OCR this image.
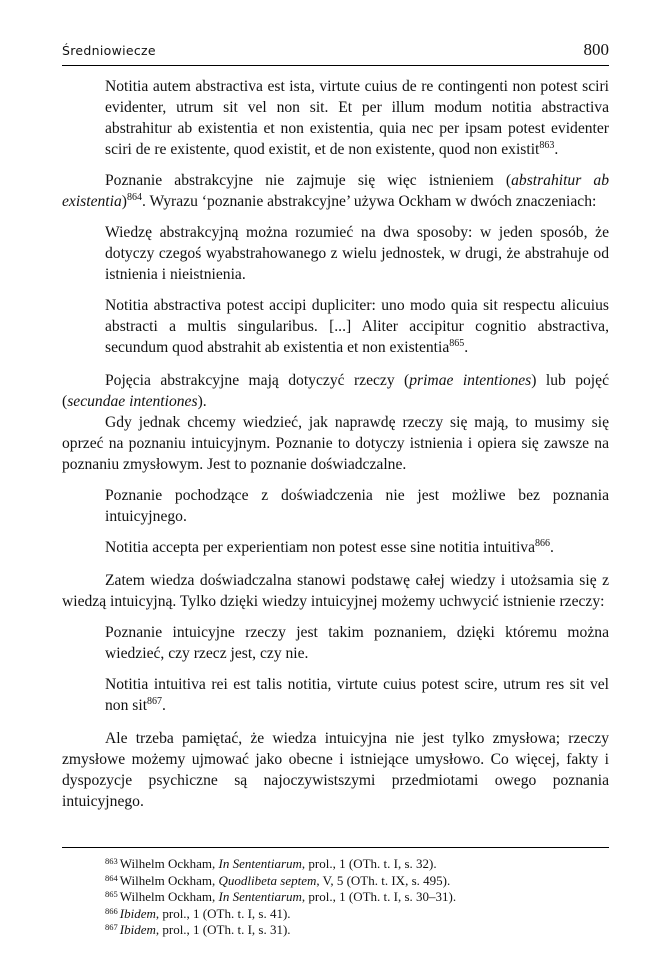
Średniowiecze	800

Notitia autem abstractiva est ista, virtute cuius de re contingenti non potest sciri evidenter, utrum sit vel non sit. Et per illum modum notitia abstractiva abstrahitur ab existentia et non existentia, quia nec per ipsam potest evidenter sciri de re existente, quod existit, et de non existente, quod non existit$^{863}$.

Poznanie abstrakcyjne nie zajmuje się więc istnieniem (abstrahitur ab existentia)$^{864}$. Wyrazu ‘poznanie abstrakcyjne’ używa Ockham w dwóch znaczeniach:

Wiedzę abstrakcyjną można rozumieć na dwa sposoby: w jeden sposób, że dotyczy czegoś wyabstrahowanego z wielu jednostek, w drugi, że abstrahuje od istnienia i nieistnienia.

Notitia abstractiva potest accipi dupliciter: uno modo quia sit respectu alicuius abstracti a multis singularibus. [...] Aliter accipitur cognitio abstractiva, secundum quod abstrahit ab existentia et non existentia$^{865}$.

Pojęcia abstrakcyjne mają dotyczyć rzeczy (primae intentiones) lub pojęć (secundae intentiones).

Gdy jednak chcemy wiedzieć, jak naprawdę rzeczy się mają, to musimy się oprzeć na poznaniu intuicyjnym. Poznanie to dotyczy istnienia i opiera się zawsze na poznaniu zmysłowym. Jest to poznanie doświadczalne.

Poznanie pochodzące z doświadczenia nie jest możliwe bez poznania intuicyjnego.

Notitia accepta per experientiam non potest esse sine notitia intuitiva$^{866}$.

Zatem wiedza doświadczalna stanowi podstawę całej wiedzy i utożsamia się z wiedzą intuicyjną. Tylko dzięki wiedzy intuicyjnej możemy uchwycić istnienie rzeczy:

Poznanie intuicyjne rzeczy jest takim poznaniem, dzięki któremu można wiedzieć, czy rzecz jest, czy nie.

Notitia intuitiva rei est talis notitia, virtute cuius potest scire, utrum res sit vel non sit$^{867}$.

Ale trzeba pamiętać, że wiedza intuicyjna nie jest tylko zmysłowa; rzeczy zmysłowe możemy ujmować jako obecne i istniejące umysłowo. Co więcej, fakty i dyspozycje psychiczne są najoczywistszymi przedmiotami owego poznania intuicyjnego.

$^{863}$ Wilhelm Ockham, In Sententiarum, prol., 1 (OTh. t. I, s. 32).
$^{864}$ Wilhelm Ockham, Quodlibeta septem, V, 5 (OTh. t. IX, s. 495).
$^{865}$ Wilhelm Ockham, In Sententiarum, prol., 1 (OTh. t. I, s. 30–31).
$^{866}$ Ibidem, prol., 1 (OTh. t. I, s. 41).
$^{867}$ Ibidem, prol., 1 (OTh. t. I, s. 31).
